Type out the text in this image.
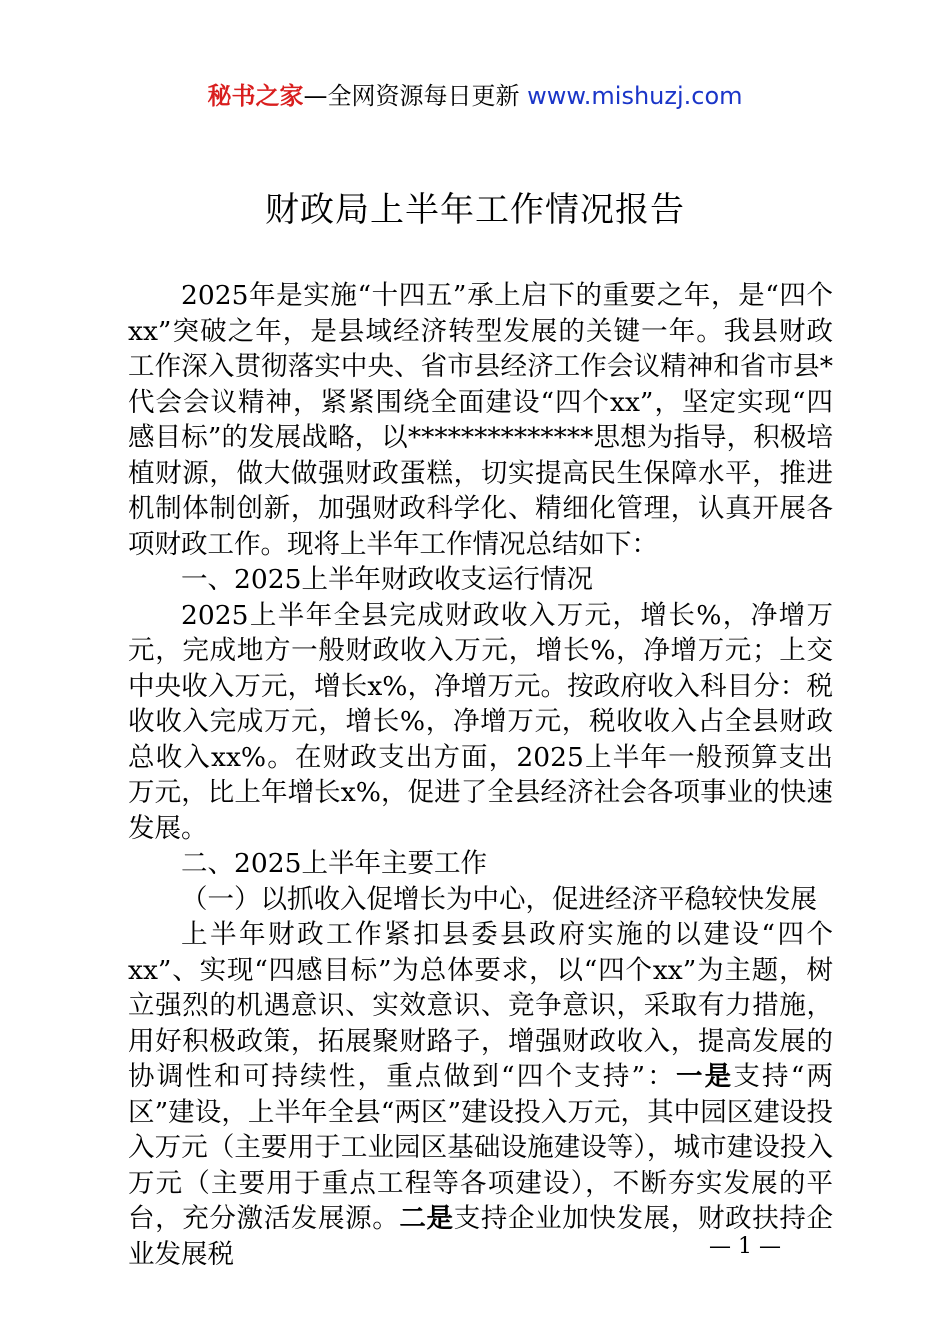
秘书之家—全网资源每日更新 www.mishuzj.com
财政局上半年工作情况报告

2025年是实施“十四五”承上启下的重要之年，是“四个xx”突破之年，是县域经济转型发展的关键一年。我县财政工作深入贯彻落实中央、省市县经济工作会议精神和省市县*代会会议精神，紧紧围绕全面建设“四个xx”，坚定实现“四感目标”的发展战略，以**************思想为指导，积极培植财源，做大做强财政蛋糕，切实提高民生保障水平，推进机制体制创新，加强财政科学化、精细化管理，认真开展各项财政工作。现将上半年工作情况总结如下：

一、2025上半年财政收支运行情况

2025上半年全县完成财政收入万元，增长%，净增万元，完成地方一般财政收入万元，增长%，净增万元；上交中央收入万元，增长x%，净增万元。按政府收入科目分：税收收入完成万元，增长%，净增万元，税收收入占全县财政总收入xx%。在财政支出方面，2025上半年一般预算支出万元，比上年增长x%，促进了全县经济社会各项事业的快速发展。

二、2025上半年主要工作

（一）以抓收入促增长为中心，促进经济平稳较快发展

上半年财政工作紧扣县委县政府实施的以建设“四个xx”、实现“四感目标”为总体要求，以“四个xx”为主题，树立强烈的机遇意识、实效意识、竞争意识，采取有力措施，用好积极政策，拓展聚财路子，增强财政收入，提高发展的协调性和可持续性，重点做到“四个支持”：一是支持“两区”建设，上半年全县“两区”建设投入万元，其中园区建设投入万元（主要用于工业园区基础设施建设等），城市建设投入万元（主要用于重点工程等各项建设），不断夯实发展的平台，充分激活发展源。二是支持企业加快发展，财政扶持企业发展税	— 1 —
